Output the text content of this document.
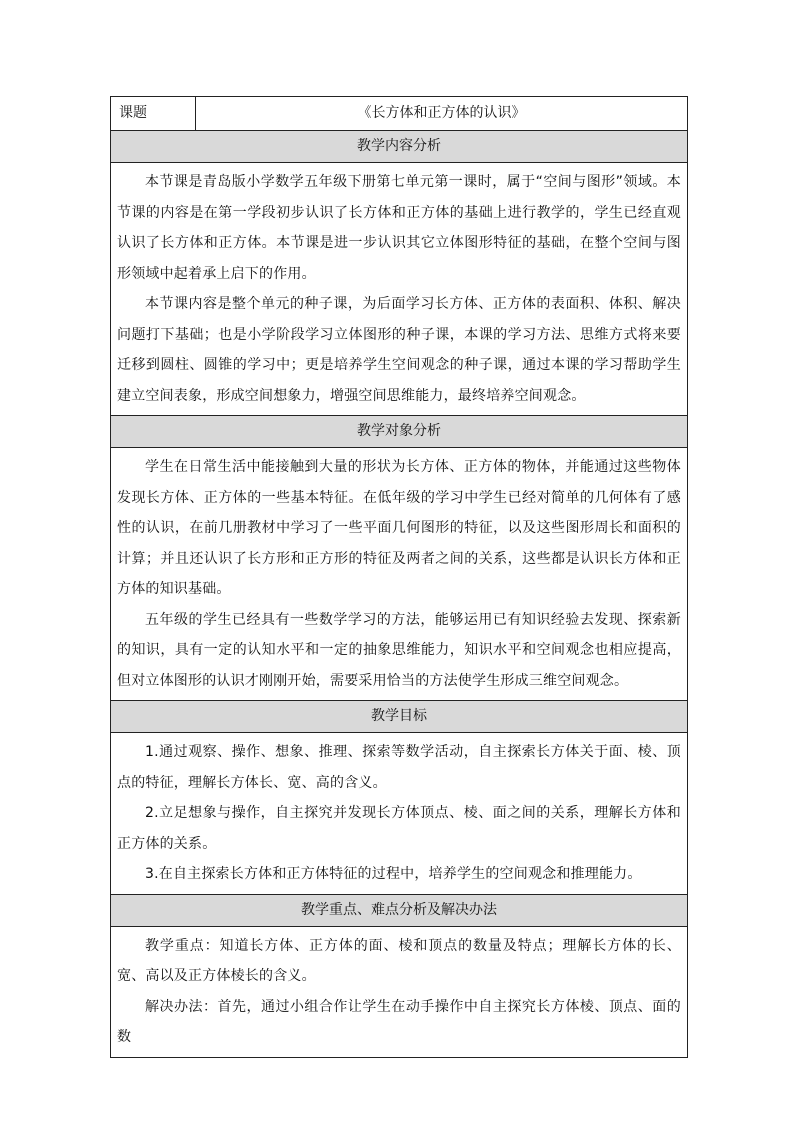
课题	《长方体和正方体的认识》
教学内容分析

本节课是青岛版小学数学五年级下册第七单元第一课时，属于“空间与图形”领域。本节课的内容是在第一学段初步认识了长方体和正方体的基础上进行教学的，学生已经直观认识了长方体和正方体。本节课是进一步认识其它立体图形特征的基础，在整个空间与图形领域中起着承上启下的作用。

本节课内容是整个单元的种子课，为后面学习长方体、正方体的表面积、体积、解决问题打下基础；也是小学阶段学习立体图形的种子课，本课的学习方法、思维方式将来要迁移到圆柱、圆锥的学习中；更是培养学生空间观念的种子课，通过本课的学习帮助学生建立空间表象，形成空间想象力，增强空间思维能力，最终培养空间观念。

教学对象分析

学生在日常生活中能接触到大量的形状为长方体、正方体的物体，并能通过这些物体发现长方体、正方体的一些基本特征。在低年级的学习中学生已经对简单的几何体有了感性的认识，在前几册教材中学习了一些平面几何图形的特征，以及这些图形周长和面积的计算；并且还认识了长方形和正方形的特征及两者之间的关系，这些都是认识长方体和正方体的知识基础。

五年级的学生已经具有一些数学学习的方法，能够运用已有知识经验去发现、探索新的知识，具有一定的认知水平和一定的抽象思维能力，知识水平和空间观念也相应提高，但对立体图形的认识才刚刚开始，需要采用恰当的方法使学生形成三维空间观念。

教学目标

1.通过观察、操作、想象、推理、探索等数学活动，自主探索长方体关于面、棱、顶点的特征，理解长方体长、宽、高的含义。

2.立足想象与操作，自主探究并发现长方体顶点、棱、面之间的关系，理解长方体和正方体的关系。

3.在自主探索长方体和正方体特征的过程中，培养学生的空间观念和推理能力。

教学重点、难点分析及解决办法

教学重点：知道长方体、正方体的面、棱和顶点的数量及特点；理解长方体的长、宽、高以及正方体棱长的含义。

解决办法：首先，通过小组合作让学生在动手操作中自主探究长方体棱、顶点、面的数
